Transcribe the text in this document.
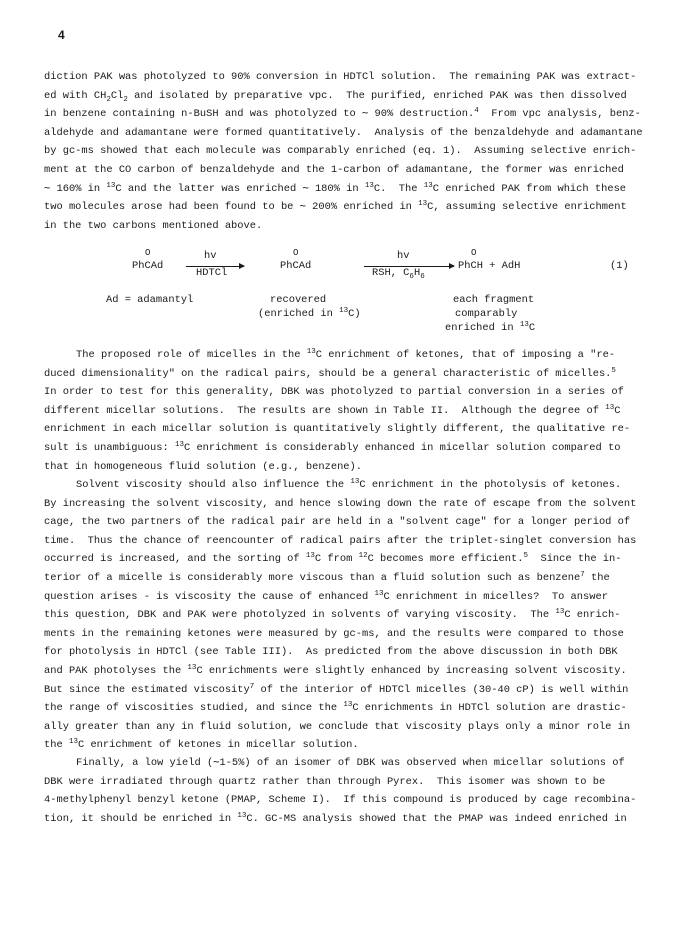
4
diction PAK was photolyzed to 90% conversion in HDTCl solution.  The remaining PAK was extract-
ed with $CH_2Cl_2$ and isolated by preparative vpc.  The purified, enriched PAK was then dissolved
in benzene containing n-BuSH and was photolyzed to ∼ 90% destruction.$^4$  From vpc analysis, benz-
aldehyde and adamantane were formed quantitatively.  Analysis of the benzaldehyde and adamantane
by gc-ms showed that each molecule was comparably enriched (eq. 1).  Assuming selective enrich-
ment at the CO carbon of benzaldehyde and the 1-carbon of adamantane, the former was enriched
∼ 160% in $^{13}$C and the latter was enriched ∼ 180% in $^{13}$C.  The $^{13}$C enriched PAK from which these
two molecules arose had been found to be ∼ 200% enriched in $^{13}$C, assuming selective enrichment
in the two carbons mentioned above.
O
PhCAd
hv
HDTCl
O
PhCAd
hv
RSH, $C_6H_6$
O
PhCH + AdH	(1)
Ad = adamantyl	recovered
(enriched in $^{13}$C)
each fragment
comparably
enriched in $^{13}$C
The proposed role of micelles in the $^{13}$C enrichment of ketones, that of imposing a "re-
duced dimensionality" on the radical pairs, should be a general characteristic of micelles.$^5$
In order to test for this generality, DBK was photolyzed to partial conversion in a series of
different micellar solutions.  The results are shown in Table II.  Although the degree of $^{13}$C
enrichment in each micellar solution is quantitatively slightly different, the qualitative re-
sult is unambiguous: $^{13}$C enrichment is considerably enhanced in micellar solution compared to
that in homogeneous fluid solution (e.g., benzene).
Solvent viscosity should also influence the $^{13}$C enrichment in the photolysis of ketones.
By increasing the solvent viscosity, and hence slowing down the rate of escape from the solvent
cage, the two partners of the radical pair are held in a "solvent cage" for a longer period of
time.  Thus the chance of reencounter of radical pairs after the triplet-singlet conversion has
occurred is increased, and the sorting of $^{13}$C from $^{12}$C becomes more efficient.$^5$  Since the in-
terior of a micelle is considerably more viscous than a fluid solution such as benzene$^7$ the
question arises - is viscosity the cause of enhanced $^{13}$C enrichment in micelles?  To answer
this question, DBK and PAK were photolyzed in solvents of varying viscosity.  The $^{13}$C enrich-
ments in the remaining ketones were measured by gc-ms, and the results were compared to those
for photolysis in HDTCl (see Table III).  As predicted from the above discussion in both DBK
and PAK photolyses the $^{13}$C enrichments were slightly enhanced by increasing solvent viscosity.
But since the estimated viscosity$^7$ of the interior of HDTCl micelles (30-40 cP) is well within
the range of viscosities studied, and since the $^{13}$C enrichments in HDTCl solution are drastic-
ally greater than any in fluid solution, we conclude that viscosity plays only a minor role in
the $^{13}$C enrichment of ketones in micellar solution.
Finally, a low yield (∼1-5%) of an isomer of DBK was observed when micellar solutions of
DBK were irradiated through quartz rather than through Pyrex.  This isomer was shown to be
4-methylphenyl benzyl ketone (PMAP, Scheme I).  If this compound is produced by cage recombina-
tion, it should be enriched in $^{13}$C. GC-MS analysis showed that the PMAP was indeed enriched in
